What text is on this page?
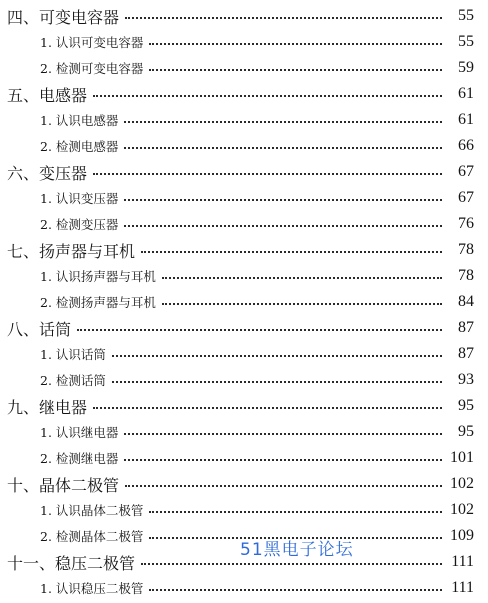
四、可变电容器	55
1. 认识可变电容器	55
2. 检测可变电容器	59
五、电感器	61
1. 认识电感器	61
2. 检测电感器	66
六、变压器	67
1. 认识变压器	67
2. 检测变压器	76
七、扬声器与耳机	78
1. 认识扬声器与耳机	78
2. 检测扬声器与耳机	84
八、话筒	87
1. 认识话筒	87
2. 检测话筒	93
九、继电器	95
1. 认识继电器	95
2. 检测继电器	101
十、晶体二极管	102
1. 认识晶体二极管	102
2. 检测晶体二极管	109
十一、稳压二极管	111
1. 认识稳压二极管	111
51黑电子论坛
